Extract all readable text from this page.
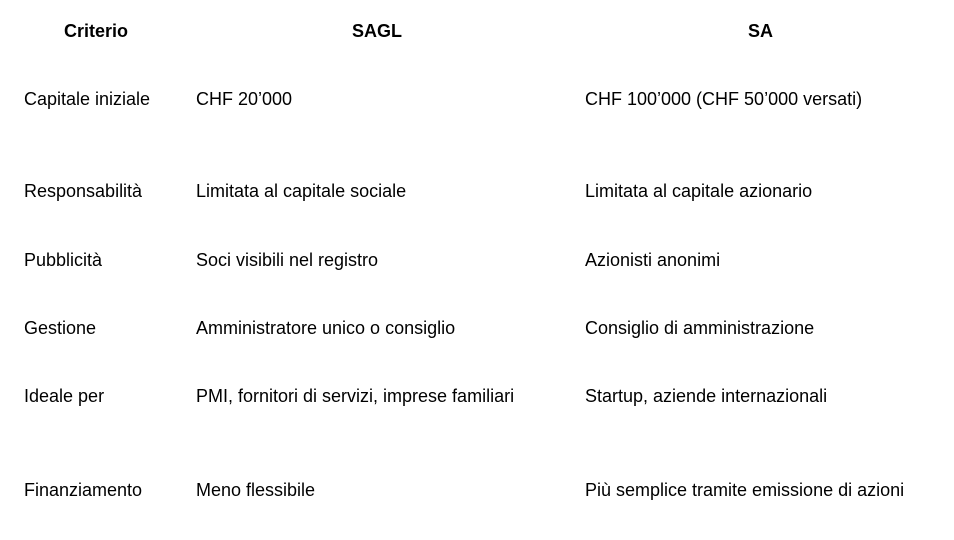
Criterio	SAGL	SA
Capitale iniziale	CHF 20’000	CHF 100’000 (CHF 50’000 versati)
Responsabilità	Limitata al capitale sociale	Limitata al capitale azionario
Pubblicità	Soci visibili nel registro	Azionisti anonimi
Gestione	Amministratore unico o consiglio	Consiglio di amministrazione
Ideale per	PMI, fornitori di servizi, imprese familiari	Startup, aziende internazionali
Finanziamento	Meno flessibile	Più semplice tramite emissione di azioni
